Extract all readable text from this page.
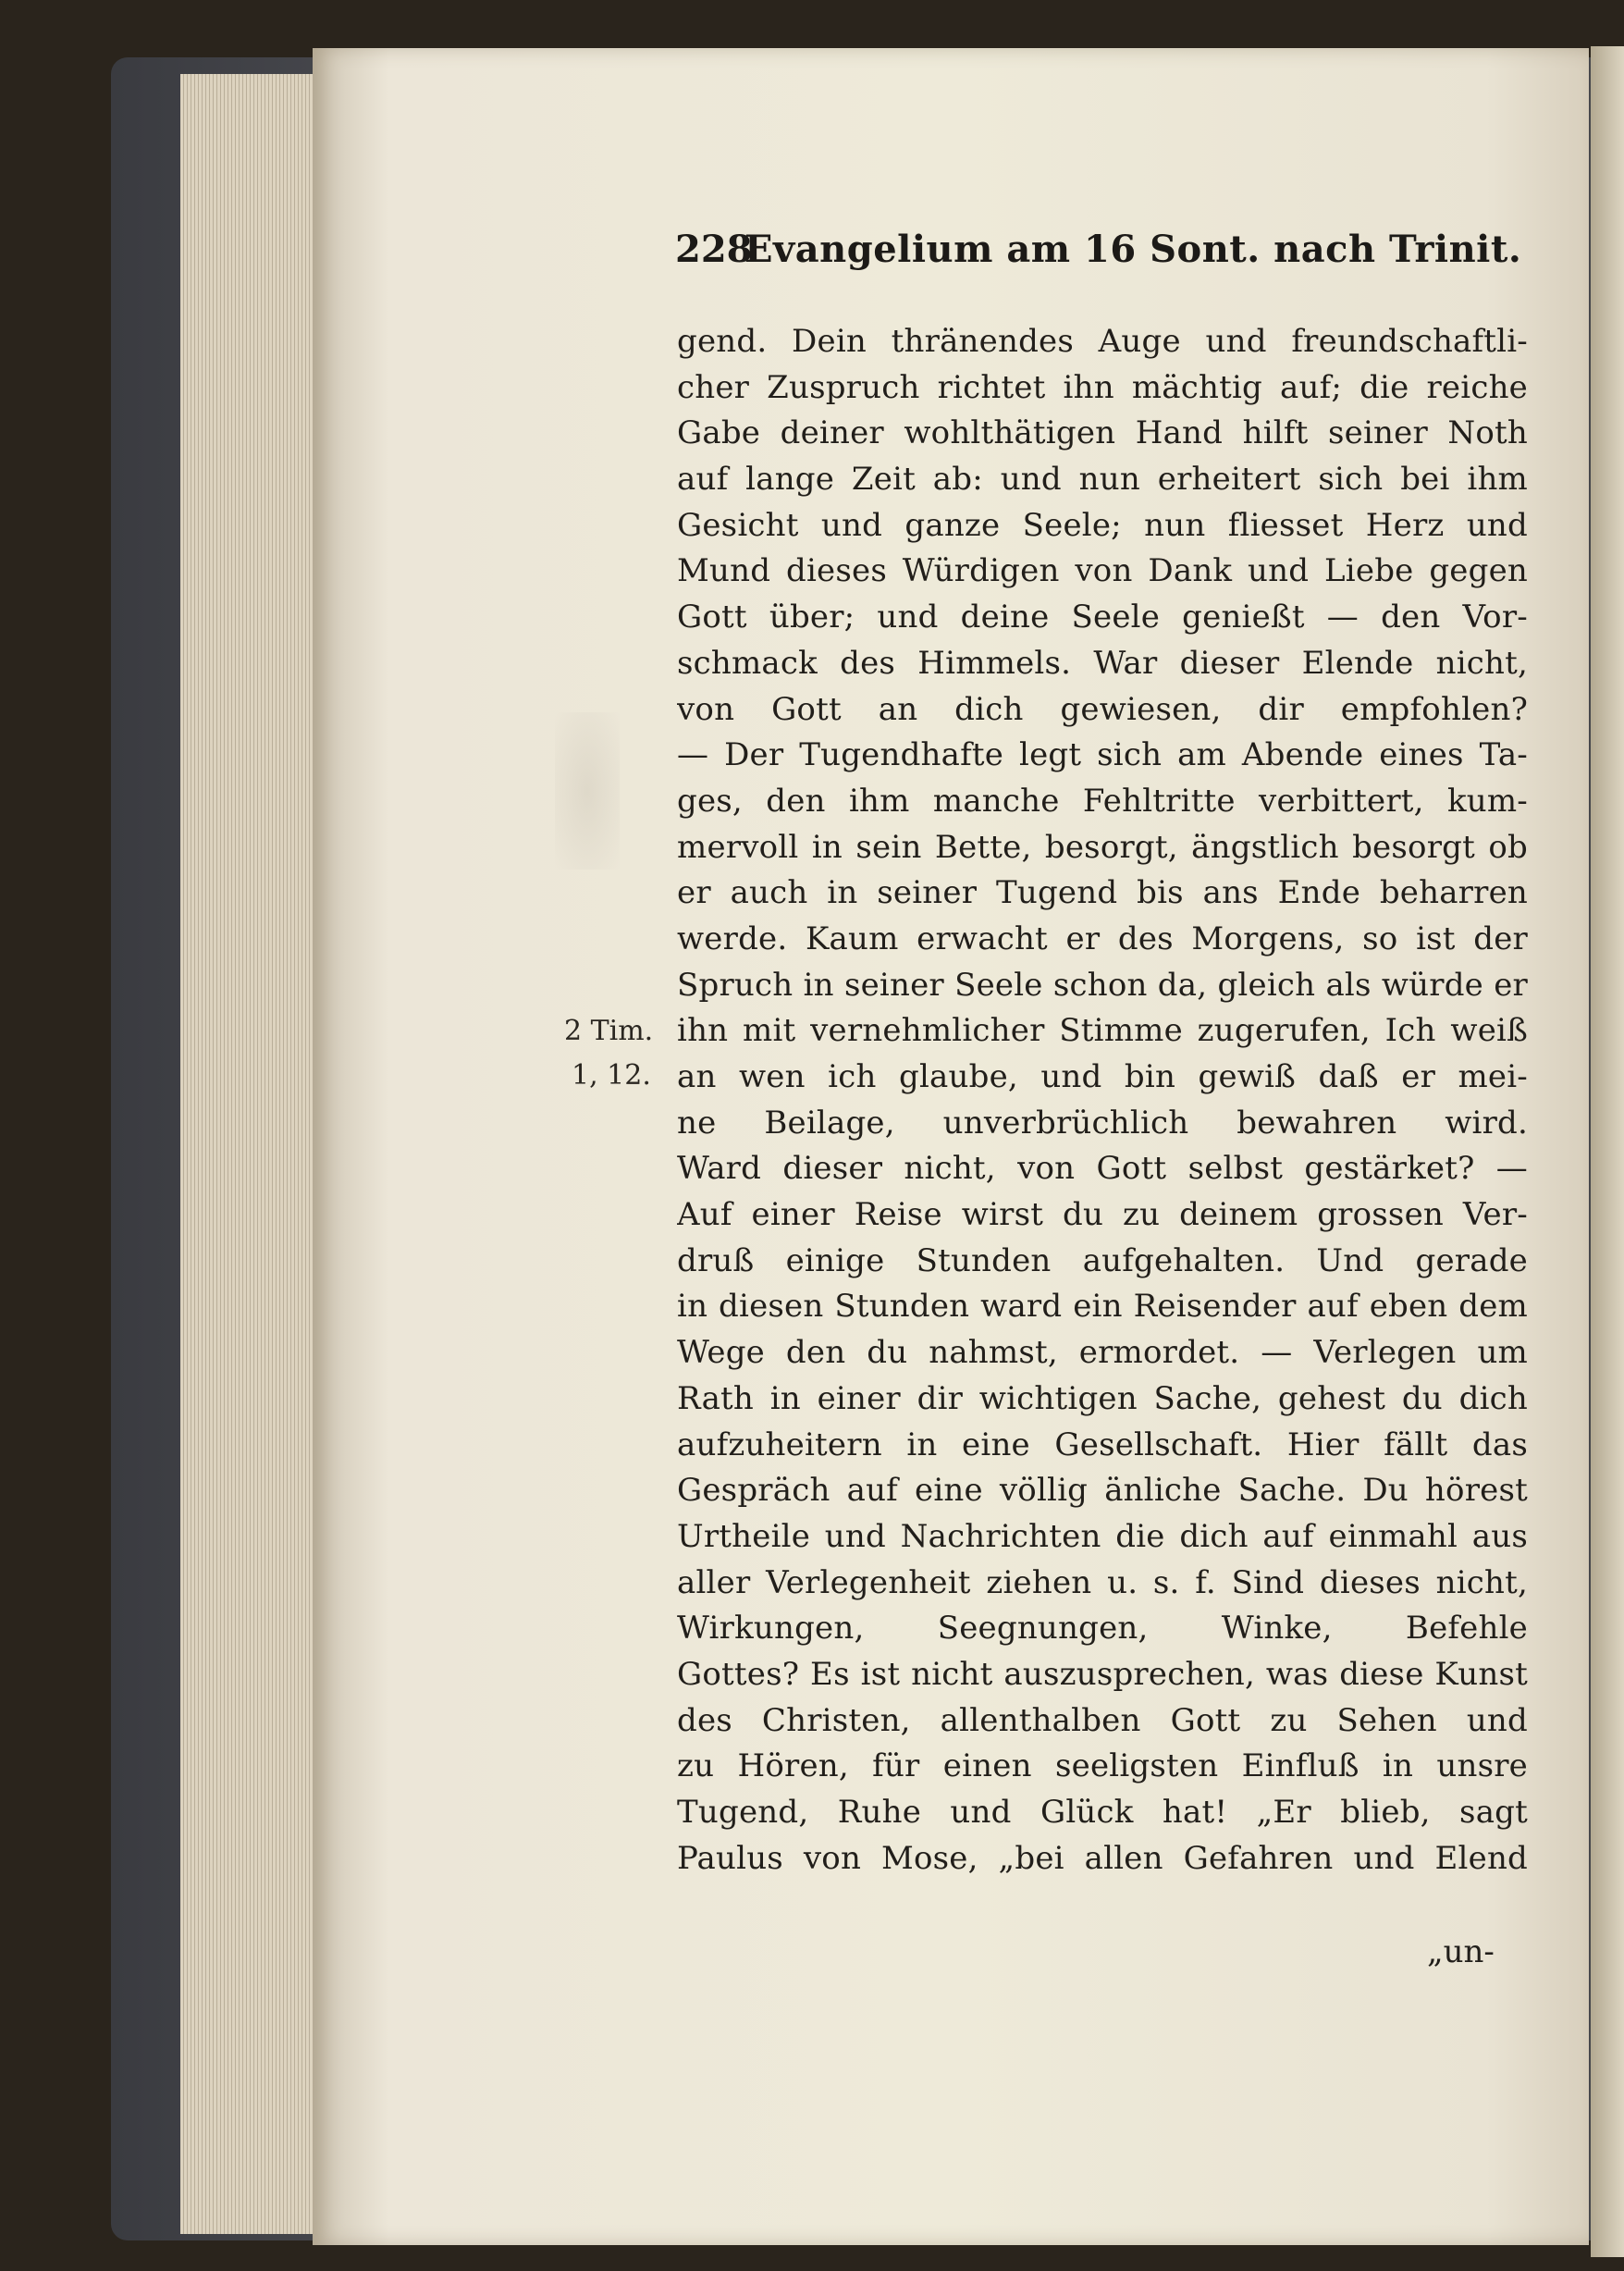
228
Evangelium am 16 Sont. nach Trinit.
2 Tim.
1, 12.
gend. Dein thränendes Auge und freundschaftli-
cher Zuspruch richtet ihn mächtig auf; die reiche
Gabe deiner wohlthätigen Hand hilft seiner Noth
auf lange Zeit ab: und nun erheitert sich bei ihm
Gesicht und ganze Seele; nun fliesset Herz und
Mund dieses Würdigen von Dank und Liebe gegen
Gott über; und deine Seele genießt — den Vor-
schmack des Himmels. War dieser Elende nicht,
von Gott an dich gewiesen, dir empfohlen?
— Der Tugendhafte legt sich am Abende eines Ta-
ges, den ihm manche Fehltritte verbittert, kum-
mervoll in sein Bette, besorgt, ängstlich besorgt ob
er auch in seiner Tugend bis ans Ende beharren
werde. Kaum erwacht er des Morgens, so ist der
Spruch in seiner Seele schon da, gleich als würde er
ihn mit vernehmlicher Stimme zugerufen, Ich weiß
an wen ich glaube, und bin gewiß daß er mei-
ne Beilage, unverbrüchlich bewahren wird.
Ward dieser nicht, von Gott selbst gestärket? —
Auf einer Reise wirst du zu deinem grossen Ver-
druß einige Stunden aufgehalten. Und gerade
in diesen Stunden ward ein Reisender auf eben dem
Wege den du nahmst, ermordet. — Verlegen um
Rath in einer dir wichtigen Sache, gehest du dich
aufzuheitern in eine Gesellschaft. Hier fällt das
Gespräch auf eine völlig änliche Sache. Du hörest
Urtheile und Nachrichten die dich auf einmahl aus
aller Verlegenheit ziehen u. s. f. Sind dieses nicht,
Wirkungen, Seegnungen, Winke, Befehle
Gottes? Es ist nicht auszusprechen, was diese Kunst
des Christen, allenthalben Gott zu Sehen und
zu Hören, für einen seeligsten Einfluß in unsre
Tugend, Ruhe und Glück hat! „Er blieb, sagt
Paulus von Mose, „bei allen Gefahren und Elend
„un-
